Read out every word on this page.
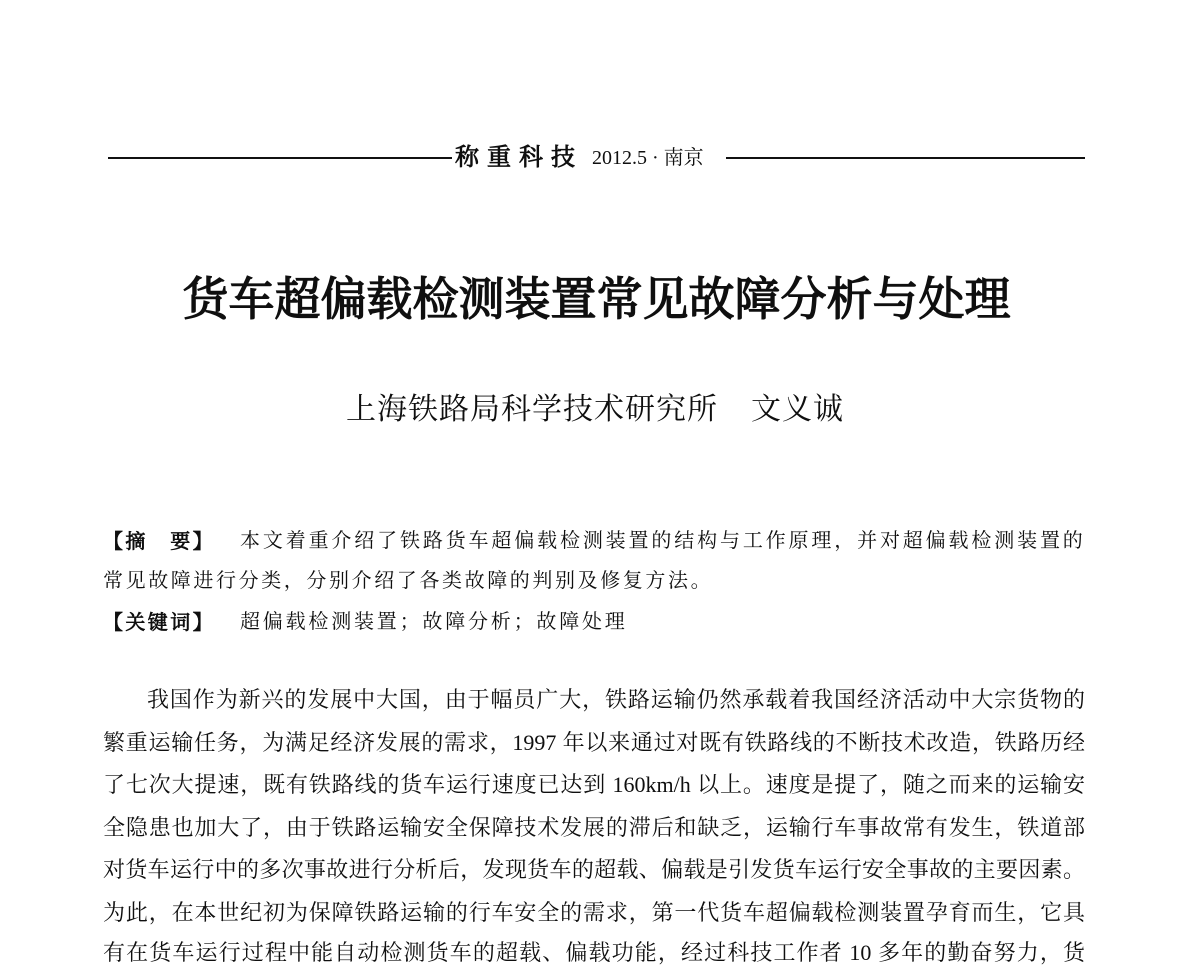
称重科技 2012.5 · 南京
货车超偏载检测装置常见故障分析与处理
上海铁路局科学技术研究所 文义诚
【摘　要】 本文着重介绍了铁路货车超偏载检测装置的结构与工作原理，并对超偏载检测装置的
常见故障进行分类，分别介绍了各类故障的判别及修复方法。
【关键词】 超偏载检测装置；故障分析；故障处理
我国作为新兴的发展中大国，由于幅员广大，铁路运输仍然承载着我国经济活动中大宗货物的
繁重运输任务，为满足经济发展的需求，1997 年以来通过对既有铁路线的不断技术改造，铁路历经
了七次大提速，既有铁路线的货车运行速度已达到 160km/h 以上。速度是提了，随之而来的运输安
全隐患也加大了，由于铁路运输安全保障技术发展的滞后和缺乏，运输行车事故常有发生，铁道部
对货车运行中的多次事故进行分析后，发现货车的超载、偏载是引发货车运行安全事故的主要因素。
为此，在本世纪初为保障铁路运输的行车安全的需求，第一代货车超偏载检测装置孕育而生，它具
有在货车运行过程中能自动检测货车的超载、偏载功能，经过科技工作者 10 多年的勤奋努力，货
